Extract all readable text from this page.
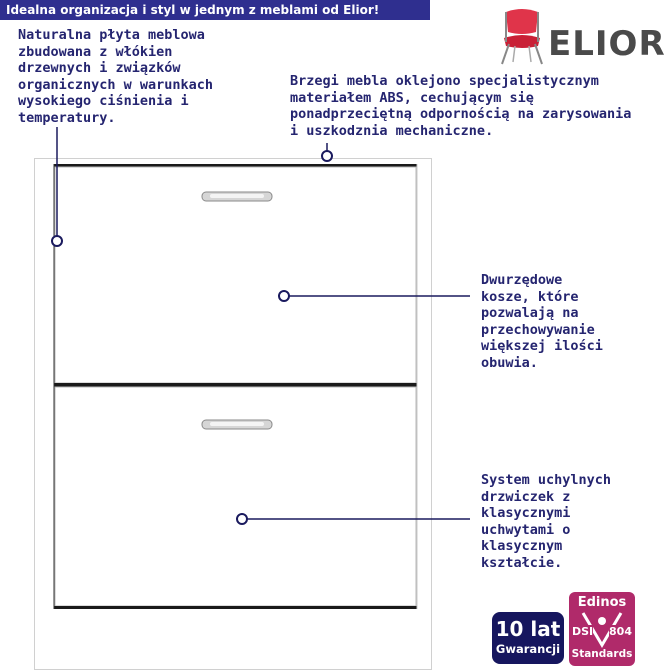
Idealna organizacja i styl w jednym z meblami od Elior!
ELIOR
Naturalna płyta meblowa
zbudowana z włókien
drzewnych i związków
organicznych w warunkach
wysokiego ciśnienia i
temperatury.
Brzegi mebla oklejono specjalistycznym
materiałem ABS, cechującym się
ponadprzeciętną odpornością na zarysowania
i uszkodznia mechaniczne.
Dwurzędowe
kosze, które
pozwalają na
przechowywanie
większej ilości
obuwia.
System uchylnych
drzwiczek z
klasycznymi
uchwytami o
klasycznym
kształcie.
10 lat
Gwarancji
Edinos
DSI 804
Standards
